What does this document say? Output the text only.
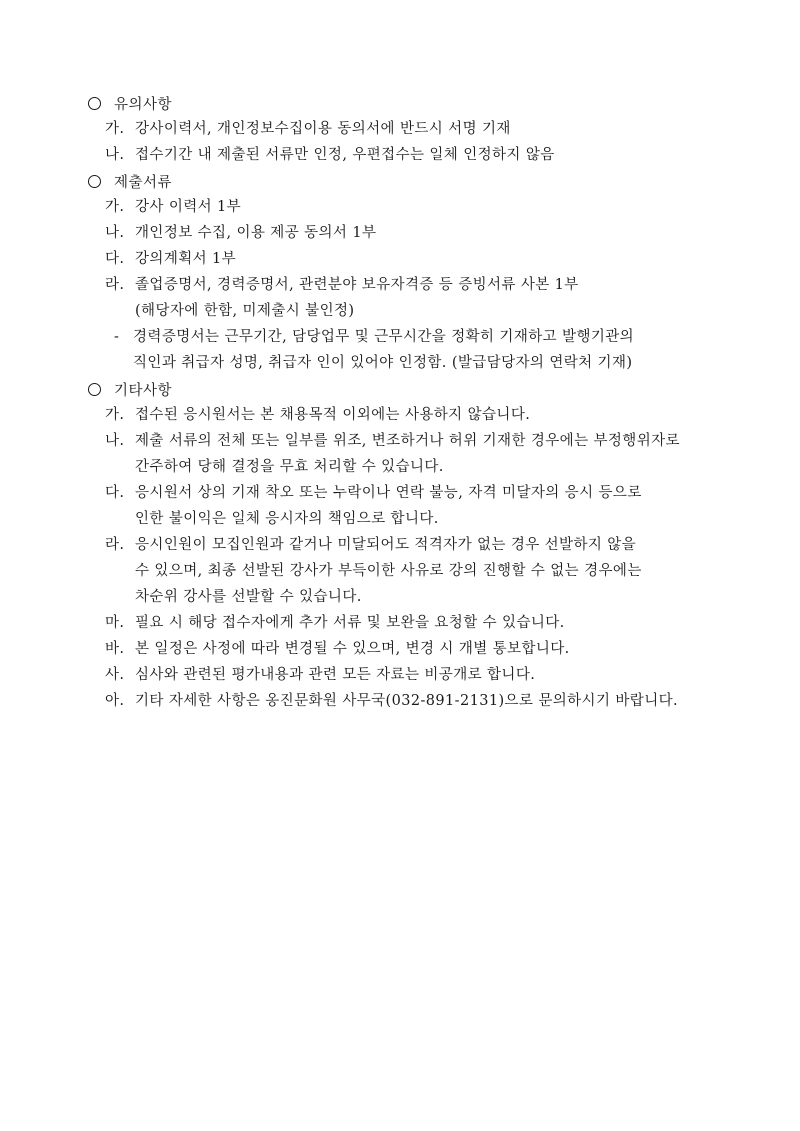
유의사항
가. 강사이력서, 개인정보수집이용 동의서에 반드시 서명 기재
나. 접수기간 내 제출된 서류만 인정, 우편접수는 일체 인정하지 않음
제출서류
가. 강사 이력서 1부
나. 개인정보 수집, 이용 제공 동의서 1부
다. 강의계획서 1부
라. 졸업증명서, 경력증명서, 관련분야 보유자격증 등 증빙서류 사본 1부
(해당자에 한함, 미제출시 불인정)
- 경력증명서는 근무기간, 담당업무 및 근무시간을 정확히 기재하고 발행기관의
직인과 취급자 성명, 취급자 인이 있어야 인정함. (발급담당자의 연락처 기재)
기타사항
가. 접수된 응시원서는 본 채용목적 이외에는 사용하지 않습니다.
나. 제출 서류의 전체 또는 일부를 위조, 변조하거나 허위 기재한 경우에는 부정행위자로
간주하여 당해 결정을 무효 처리할 수 있습니다.
다. 응시원서 상의 기재 착오 또는 누락이나 연락 불능, 자격 미달자의 응시 등으로
인한 불이익은 일체 응시자의 책임으로 합니다.
라. 응시인원이 모집인원과 같거나 미달되어도 적격자가 없는 경우 선발하지 않을
수 있으며, 최종 선발된 강사가 부득이한 사유로 강의 진행할 수 없는 경우에는
차순위 강사를 선발할 수 있습니다.
마. 필요 시 해당 접수자에게 추가 서류 및 보완을 요청할 수 있습니다.
바. 본 일정은 사정에 따라 변경될 수 있으며, 변경 시 개별 통보합니다.
사. 심사와 관련된 평가내용과 관련 모든 자료는 비공개로 합니다.
아. 기타 자세한 사항은 옹진문화원 사무국(032-891-2131)으로 문의하시기 바랍니다.
